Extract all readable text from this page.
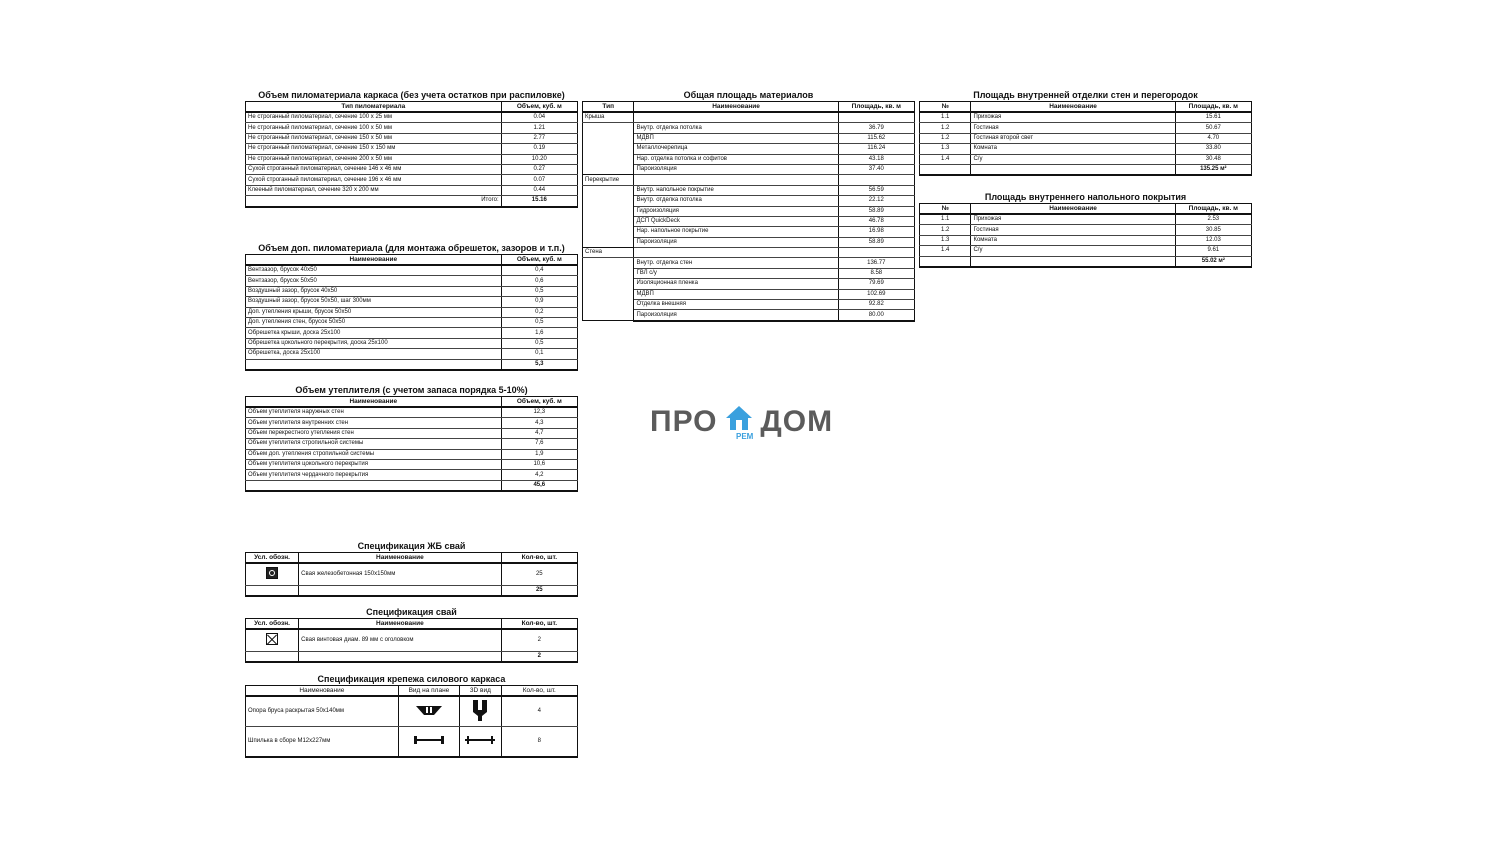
Объем пиломатериала каркаса (без учета остатков при распиловке)
Тип пиломатериала	Объем, куб. м
Не строганный пиломатериал, сечение 100 х 25 мм	0.04
Не строганный пиломатериал, сечение 100 х 50 мм	1.21
Не строганный пиломатериал, сечение 150 х 50 мм	2.77
Не строганный пиломатериал, сечение 150 х 150 мм	0.19
Не строганный пиломатериал, сечение 200 х 50 мм	10.20
Сухой строганный пиломатериал, сечение 146 х 46 мм	0.27
Сухой строганный пиломатериал, сечение 196 х 46 мм	0.07
Клееный пиломатериал, сечение 320 х 200 мм	0.44
Итого:	15.16
Объем доп. пиломатериала (для монтажа обрешеток, зазоров и т.п.)
Наименование	Объем, куб. м
Вентзазор, брусок 40х50	0,4
Вентзазор, брусок 50х50	0,6
Воздушный зазор, брусок 40х50	0,5
Воздушный зазор, брусок 50х50, шаг 300мм	0,9
Доп. утепления крыши, брусок 50х50	0,2
Доп. утепления стен, брусок 50х50	0,5
Обрешетка крыши, доска 25х100	1,6
Обрешетка цокольного перекрытия, доска 25х100	0,5
Обрешетка, доска 25х100	0,1
	5,3
Объем утеплителя (с учетом запаса порядка 5-10%)
Наименование	Объем, куб. м
Объем утеплителя наружных стен	12,3
Объем утеплителя внутренних стен	4,3
Объем перекрестного утепления стен	4,7
Объем утеплителя стропильной системы	7,6
Объем доп. утепления стропильной системы	1,9
Объем утеплителя цокольного перекрытия	10,6
Объем утеплителя чердачного перекрытия	4,2
	45,6
Спецификация ЖБ свай
Усл. обозн.	Наименование	Кол-во, шт.

	Свая железобетонная 150х150мм	25
		25
Спецификация свай
Усл. обозн.	Наименование	Кол-во, шт.
	Свая винтовая диам. 89 мм с оголовком	2
		2
Спецификация крепежа силового каркаса
Наименование	Вид на плане	3D вид	Кол-во, шт.
Опора бруса раскрытая 50х140мм			4
Шпилька в сборе М12х227мм			8
Общая площадь материалов
Тип	Наименование	Площадь, кв. м
Крыша		
	Внутр. отделка потолка	36.79
	МДВП	115.62
	Металлочерепица	116.24
	Нар. отделка потолка и софитов	43.18
	Пароизоляция	37.40
Перекрытие		
	Внутр. напольное покрытие	56.59
	Внутр. отделка потолка	22.12
	Гидроизоляция	58.89
	ДСП QuickDeck	46.78
	Нар. напольное покрытие	16.98
	Пароизоляция	58.89
Стена		
	Внутр. отделка стен	136.77
	ГВЛ с/у	8.58
	Изоляционная пленка	79.69
	МДВП	102.69
	Отделка внешняя	92.82
	Пароизоляция	80.00
ПРО ДОМ
РЕМ
Площадь внутренней отделки стен и перегородок
№	Наименование	Площадь, кв. м
1.1	Прихожая	15.61
1.2	Гостиная	50.67
1.2	Гостиная второй свет	4.70
1.3	Комната	33.80
1.4	С/у	30.48
		135.25 м²
Площадь внутреннего напольного покрытия
№	Наименование	Площадь, кв. м
1.1	Прихожая	2.53
1.2	Гостиная	30.85
1.3	Комната	12.03
1.4	С/у	9.61
		55.02 м²
